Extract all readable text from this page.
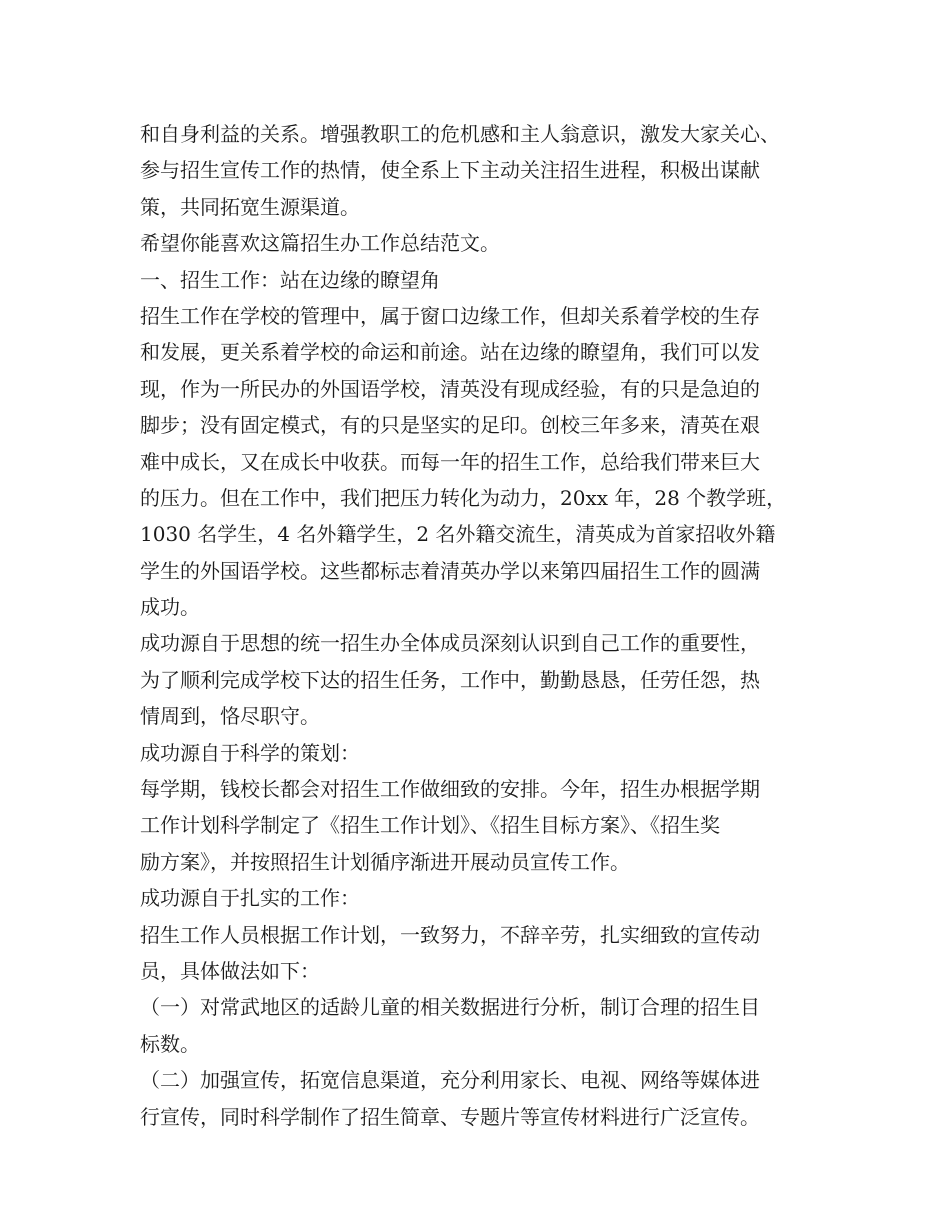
和自身利益的关系。增强教职工的危机感和主人翁意识，激发大家关心、
参与招生宣传工作的热情，使全系上下主动关注招生进程，积极出谋献
策，共同拓宽生源渠道。
希望你能喜欢这篇招生办工作总结范文。
一、招生工作：站在边缘的瞭望角
招生工作在学校的管理中，属于窗口边缘工作，但却关系着学校的生存
和发展，更关系着学校的命运和前途。站在边缘的瞭望角，我们可以发
现，作为一所民办的外国语学校，清英没有现成经验，有的只是急迫的
脚步；没有固定模式，有的只是坚实的足印。创校三年多来，清英在艰
难中成长，又在成长中收获。而每一年的招生工作，总给我们带来巨大
的压力。但在工作中，我们把压力转化为动力，20xx 年，28 个教学班，
1030 名学生，4 名外籍学生，2 名外籍交流生，清英成为首家招收外籍
学生的外国语学校。这些都标志着清英办学以来第四届招生工作的圆满
成功。
成功源自于思想的统一招生办全体成员深刻认识到自己工作的重要性，
为了顺利完成学校下达的招生任务，工作中，勤勤恳恳，任劳任怨，热
情周到，恪尽职守。
成功源自于科学的策划：
每学期，钱校长都会对招生工作做细致的安排。今年，招生办根据学期
工作计划科学制定了《招生工作计划》、《招生目标方案》、《招生奖
励方案》，并按照招生计划循序渐进开展动员宣传工作。
成功源自于扎实的工作：
招生工作人员根据工作计划，一致努力，不辞辛劳，扎实细致的宣传动
员，具体做法如下：
（一）对常武地区的适龄儿童的相关数据进行分析，制订合理的招生目
标数。
（二）加强宣传，拓宽信息渠道，充分利用家长、电视、网络等媒体进
行宣传，同时科学制作了招生简章、专题片等宣传材料进行广泛宣传。
